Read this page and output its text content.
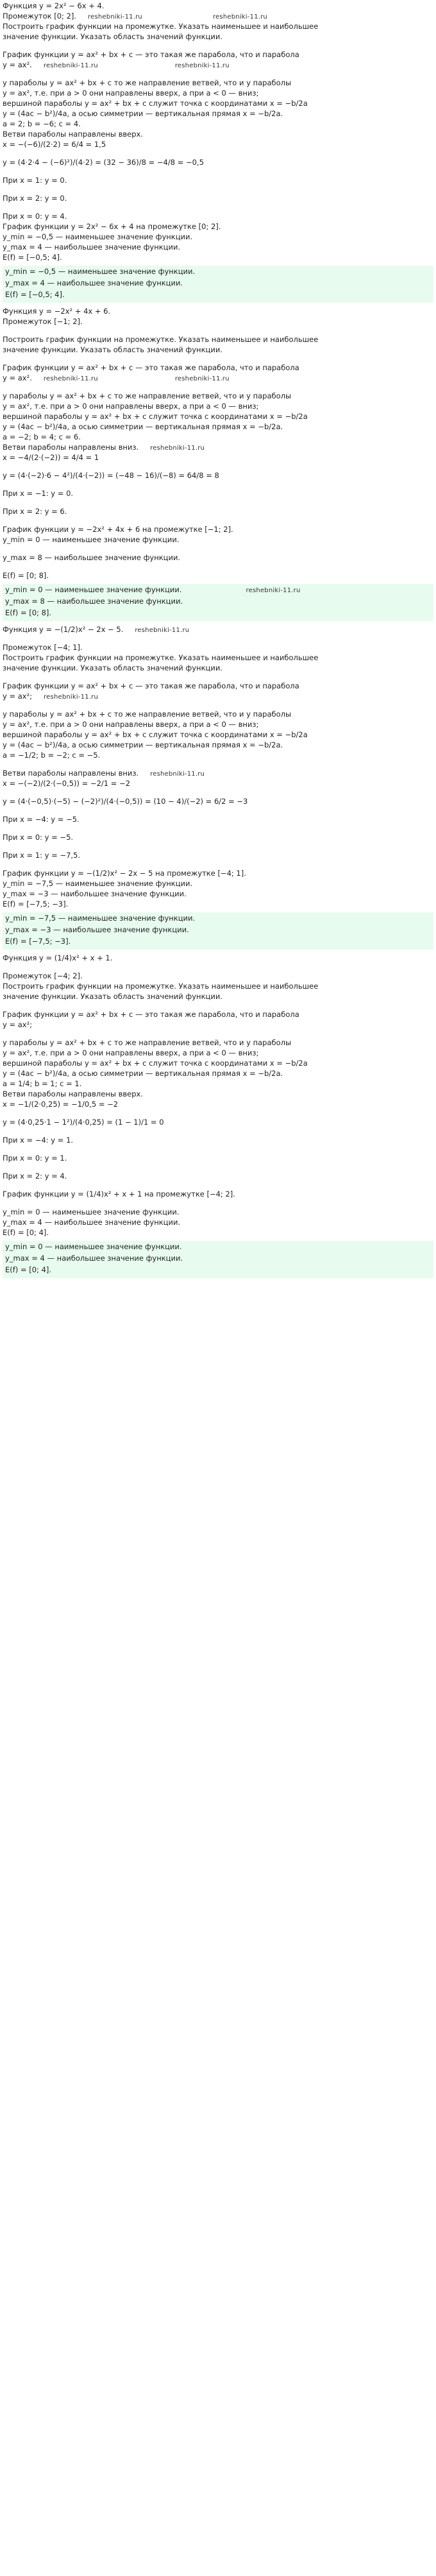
Функция y = 2x² − 6x + 4.
Промежуток [0; 2]. reshebniki-11.ru	reshebniki-11.ru
Построить график функции на промежутке. Указать наименьшее и наибольшее
значение функции. Указать область значений функции.
График функции y = ax² + bx + c — это такая же парабола, что и парабола
y = ax². reshebniki-11.ru	reshebniki-11.ru
у параболы y = ax² + bx + c то же направление ветвей, что и у параболы
y = ax², т.е. при a > 0 они направлены вверх, а при a < 0 — вниз;
вершиной параболы y = ax² + bx + c служит точка с координатами x = −b/2a
y = (4ac − b²)/4a, а осью симметрии — вертикальная прямая x = −b/2a.
a = 2; b = −6; c = 4.
Ветви параболы направлены вверх.
x = −(−6)/(2·2) = 6/4 = 1,5
y = (4·2·4 − (−6)²)/(4·2) = (32 − 36)/8 = −4/8 = −0,5
При x = 1: y = 0.
При x = 2: y = 0.
При x = 0: y = 4.
График функции y = 2x² − 6x + 4 на промежутке [0; 2].
y_min = −0,5 — наименьшее значение функции.
y_max = 4 — наибольшее значение функции.
E(f) = [−0,5; 4].
y_min = −0,5 — наименьшее значение функции.
y_max = 4 — наибольшее значение функции.
E(f) = [−0,5; 4].
Функция y = −2x² + 4x + 6.
Промежуток [−1; 2].
Построить график функции на промежутке. Указать наименьшее и наибольшее
значение функции. Указать область значений функции.
График функции y = ax² + bx + c — это такая же парабола, что и парабола
y = ax². reshebniki-11.ru	reshebniki-11.ru
у параболы y = ax² + bx + c то же направление ветвей, что и у параболы
y = ax², т.е. при a > 0 они направлены вверх, а при a < 0 — вниз;
вершиной параболы y = ax² + bx + c служит точка с координатами x = −b/2a
y = (4ac − b²)/4a, а осью симметрии — вертикальная прямая x = −b/2a.
a = −2; b = 4; c = 6.
Ветви параболы направлены вниз. reshebniki-11.ru
x = −4/(2·(−2)) = 4/4 = 1
y = (4·(−2)·6 − 4²)/(4·(−2)) = (−48 − 16)/(−8) = 64/8 = 8
При x = −1: y = 0.
При x = 2: y = 6.
График функции y = −2x² + 4x + 6 на промежутке [−1; 2].
y_min = 0 — наименьшее значение функции.
y_max = 8 — наибольшее значение функции.
E(f) = [0; 8].
y_min = 0 — наименьшее значение функции.	reshebniki-11.ru
y_max = 8 — наибольшее значение функции.
E(f) = [0; 8].
Функция y = −(1/2)x² − 2x − 5. reshebniki-11.ru
Промежуток [−4; 1].
Построить график функции на промежутке. Указать наименьшее и наибольшее
значение функции. Указать область значений функции.
График функции y = ax² + bx + c — это такая же парабола, что и парабола
y = ax²; reshebniki-11.ru
у параболы y = ax² + bx + c то же направление ветвей, что и у параболы
y = ax², т.е. при a > 0 они направлены вверх, а при a < 0 — вниз;
вершиной параболы y = ax² + bx + c служит точка с координатами x = −b/2a
y = (4ac − b²)/4a, а осью симметрии — вертикальная прямая x = −b/2a.
a = −1/2; b = −2; c = −5.
Ветви параболы направлены вниз. reshebniki-11.ru
x = −(−2)/(2·(−0,5)) = −2/1 = −2
y = (4·(−0,5)·(−5) − (−2)²)/(4·(−0,5)) = (10 − 4)/(−2) = 6/2 = −3
При x = −4: y = −5.
При x = 0: y = −5.
При x = 1: y = −7,5.
График функции y = −(1/2)x² − 2x − 5 на промежутке [−4; 1].
y_min = −7,5 — наименьшее значение функции.
y_max = −3 — наибольшее значение функции.
E(f) = [−7,5; −3].
y_min = −7,5 — наименьшее значение функции.
y_max = −3 — наибольшее значение функции.
E(f) = [−7,5; −3].
Функция y = (1/4)x² + x + 1.
Промежуток [−4; 2].
Построить график функции на промежутке. Указать наименьшее и наибольшее
значение функции. Указать область значений функции.
График функции y = ax² + bx + c — это такая же парабола, что и парабола
y = ax²;
у параболы y = ax² + bx + c то же направление ветвей, что и у параболы
y = ax², т.е. при a > 0 они направлены вверх, а при a < 0 — вниз;
вершиной параболы y = ax² + bx + c служит точка с координатами x = −b/2a
y = (4ac − b²)/4a, а осью симметрии — вертикальная прямая x = −b/2a.
a = 1/4; b = 1; c = 1.
Ветви параболы направлены вверх.
x = −1/(2·0,25) = −1/0,5 = −2
y = (4·0,25·1 − 1²)/(4·0,25) = (1 − 1)/1 = 0
При x = −4: y = 1.
При x = 0: y = 1.
При x = 2: y = 4.
График функции y = (1/4)x² + x + 1 на промежутке [−4; 2].
y_min = 0 — наименьшее значение функции.
y_max = 4 — наибольшее значение функции.
E(f) = [0; 4].
y_min = 0 — наименьшее значение функции.
y_max = 4 — наибольшее значение функции.
E(f) = [0; 4].
